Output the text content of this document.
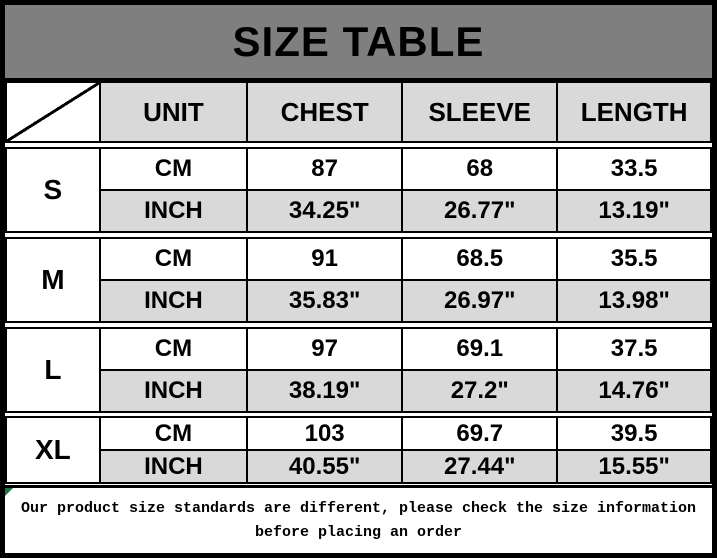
SIZE TABLE
	UNIT	CHEST	SLEEVE	LENGTH
S	CM	87	68	33.5
	INCH	34.25"	26.77"	13.19"
M	CM	91	68.5	35.5
	INCH	35.83"	26.97"	13.98"
L	CM	97	69.1	37.5
	INCH	38.19"	27.2"	14.76"
XL	CM	103	69.7	39.5
	INCH	40.55"	27.44"	15.55"
Our product size standards are different, please check the size information
before placing an order
